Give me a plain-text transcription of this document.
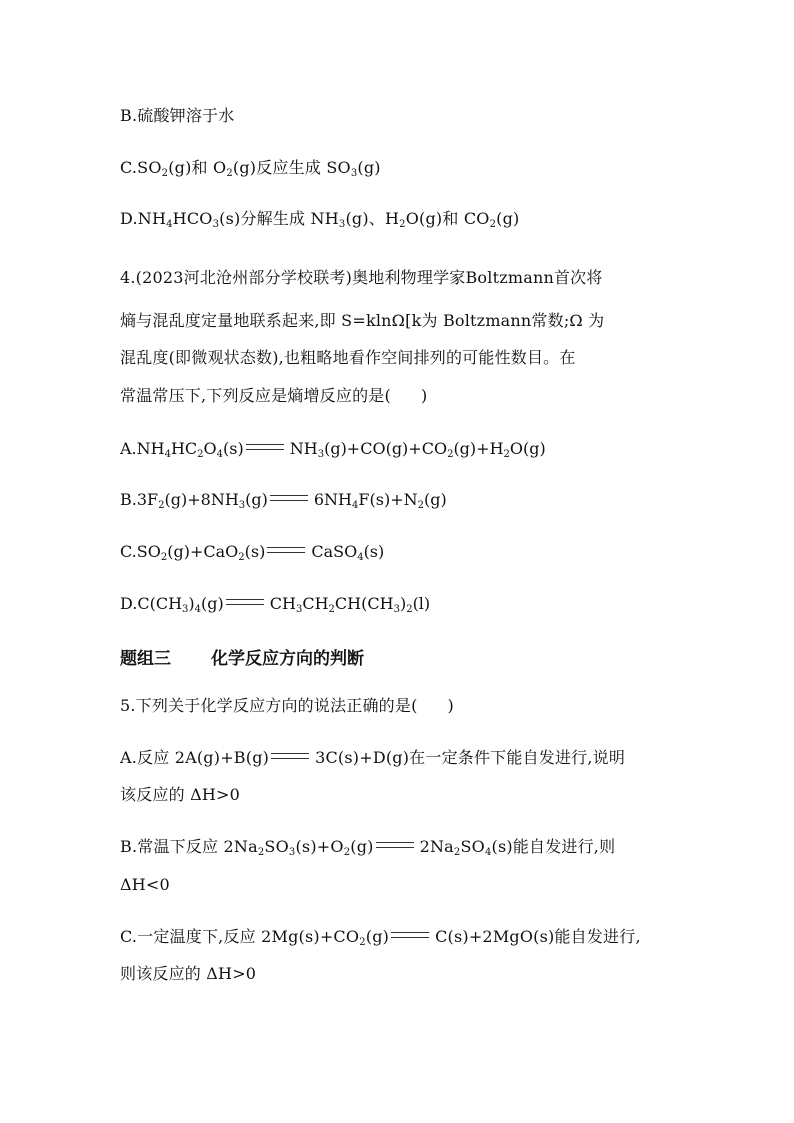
B.硫酸钾溶于水
$C.SO_2(g)$和 $O_2(g)$反应生成 $SO_3(g)$
$D.NH_4HCO_3(s)$分解生成 $NH_3(g)$、$H_2O(g)$和 $CO_2(g)$
4.(2023河北沧州部分学校联考)奥地利物理学家Boltzmann首次将
熵与混乱度定量地联系起来,即 S=klnΩ[k为 Boltzmann常数;Ω 为
混乱度(即微观状态数),也粗略地看作空间排列的可能性数目。在
常温常压下,下列反应是熵增反应的是( )
$A.NH_4HC_2O_4(s)$	$NH_3(g)+CO(g)+CO_2(g)+H_2O(g)$
$B.3F_2(g)+8NH_3(g)$	$6NH_4F(s)+N_2(g)$
$C.SO_2(g)+CaO_2(s)$	CaSO$_4$(s)
$D.C(CH_3)_4(g)$	$CH_3CH_2CH(CH_3)_2(l)$
题组三 化学反应方向的判断
5.下列关于化学反应方向的说法正确的是( )
A.反应 2A(g)+B(g)	3C(s)+D(g)在一定条件下能自发进行,说明
该反应的 ΔH>0
B.常温下反应 $2Na_2SO_3(s)+O_2(g)$	$2Na_2SO_4(s)$能自发进行,则
ΔH<0
C.一定温度下,反应 $2Mg(s)+CO_2(g)$	C(s)+2MgO(s)能自发进行,
则该反应的 ΔH>0
